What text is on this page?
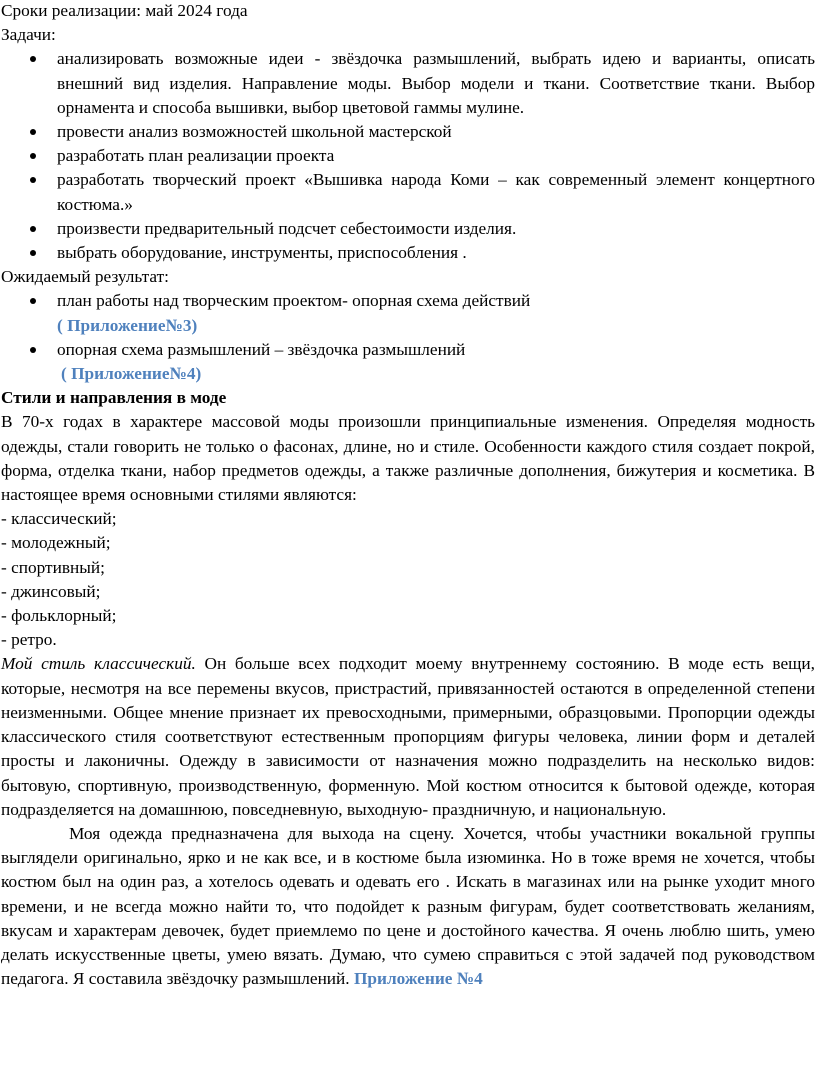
Сроки реализации: май 2024 года

Задачи:

анализировать возможные идеи - звёздочка размышлений, выбрать идею и варианты, описать внешний вид изделия. Направление моды. Выбор модели и ткани. Соответствие ткани. Выбор орнамента и способа вышивки, выбор цветовой гаммы мулине.
провести анализ возможностей школьной мастерской
разработать план реализации проекта
разработать творческий проект «Вышивка народа Коми – как современный элемент концертного костюма.»
произвести предварительный подсчет себестоимости изделия.
выбрать оборудование, инструменты, приспособления .

Ожидаемый результат:

план работы над творческим проектом- опорная схема действий

( Приложение№3)

опорная схема размышлений – звёздочка размышлений

( Приложение№4)

Стили и направления в моде

В 70-х годах в характере массовой моды произошли принципиальные изменения. Определяя модность одежды, стали говорить не только о фасонах, длине, но и стиле. Особенности каждого стиля создает покрой, форма, отделка ткани, набор предметов одежды, а также различные дополнения, бижутерия и косметика. В настоящее время основными стилями являются:

- классический;

- молодежный;

- спортивный;

- джинсовый;

- фольклорный;

- ретро.

Мой стиль классический. Он больше всех подходит моему внутреннему состоянию. В моде есть вещи, которые, несмотря на все перемены вкусов, пристрастий, привязанностей остаются в определенной степени неизменными. Общее мнение признает их превосходными, примерными, образцовыми. Пропорции одежды классического стиля соответствуют естественным пропорциям фигуры человека, линии форм и деталей просты и лаконичны. Одежду в зависимости от назначения можно подразделить на несколько видов: бытовую, спортивную, производственную, форменную. Мой костюм относится к бытовой одежде, которая подразделяется на домашнюю, повседневную, выходную- праздничную, и национальную.

Моя одежда предназначена для выхода на сцену. Хочется, чтобы участники вокальной группы выглядели оригинально, ярко и не как все, и в костюме была изюминка. Но в тоже время не хочется, чтобы костюм был на один раз, а хотелось одевать и одевать его . Искать в магазинах или на рынке уходит много времени, и не всегда можно найти то, что подойдет к разным фигурам, будет соответствовать желаниям, вкусам и характерам девочек, будет приемлемо по цене и достойного качества. Я очень люблю шить, умею делать искусственные цветы, умею вязать. Думаю, что сумею справиться с этой задачей под руководством педагога. Я составила звёздочку размышлений. Приложение №4
